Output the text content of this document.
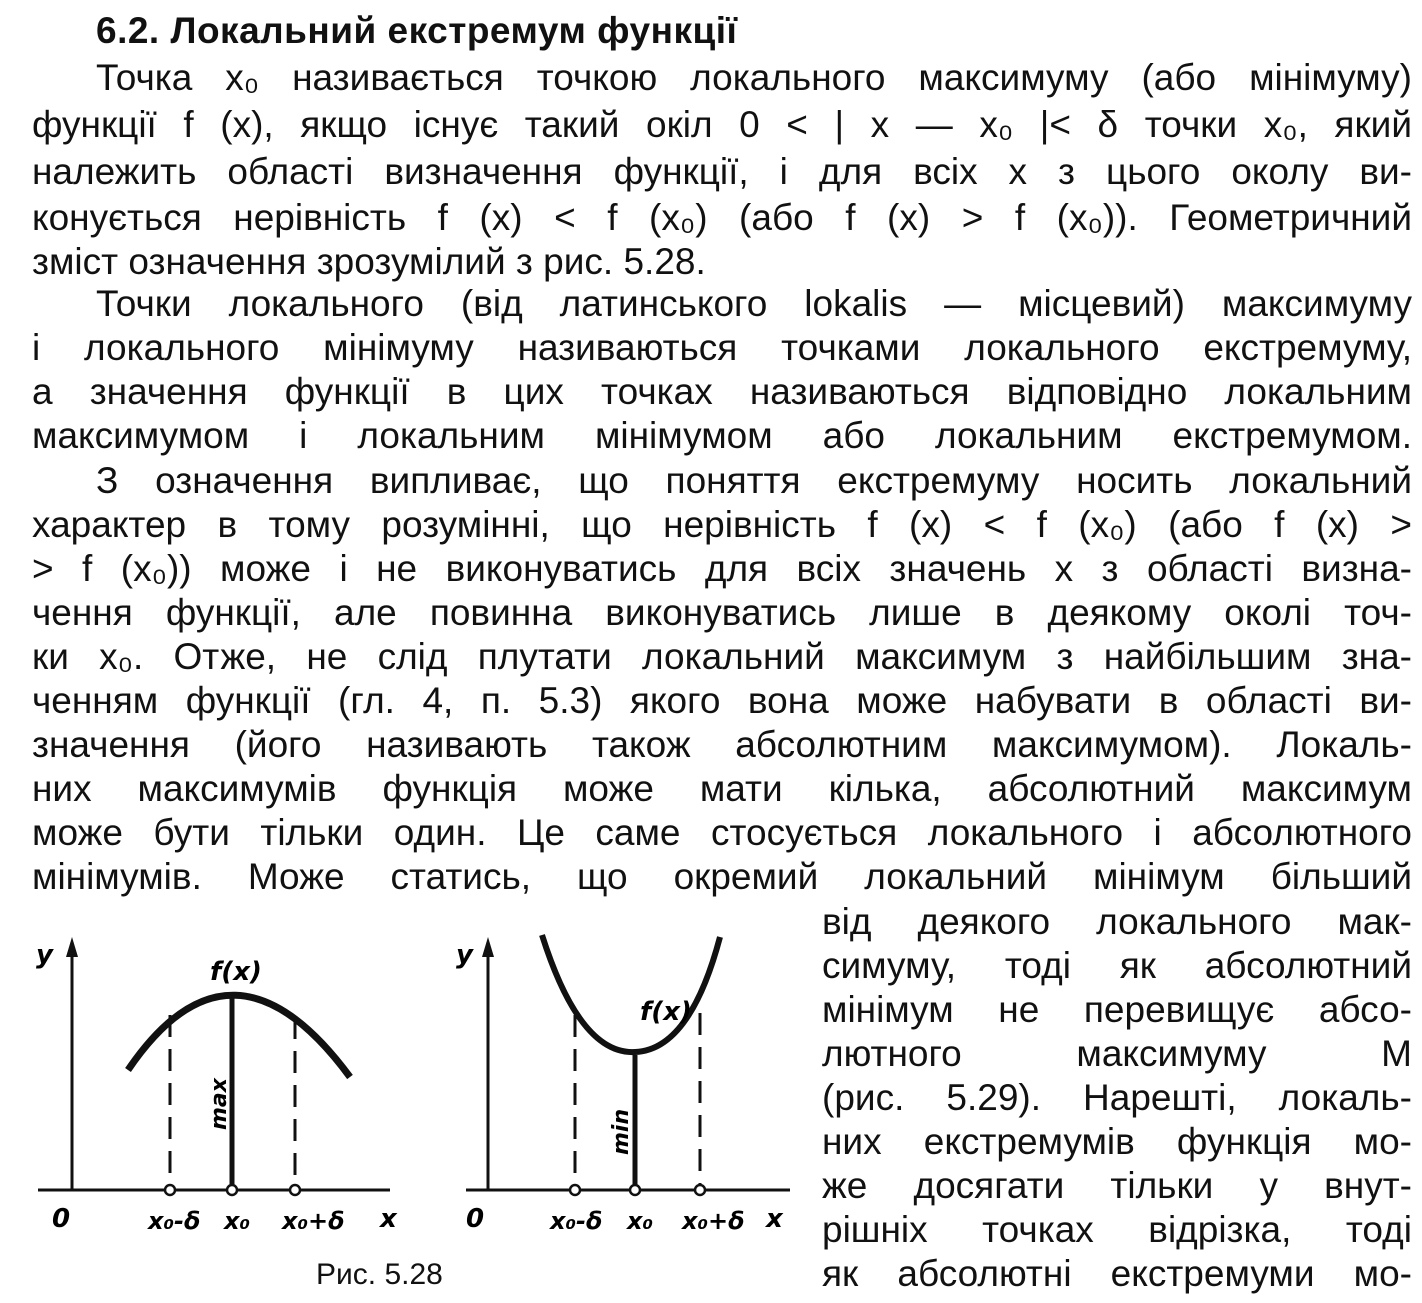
6.2. Локальний екстремум функції
Точка x₀ називається точкою локального максимуму (або мінімуму)
функції f (x), якщо існує такий окіл 0 < | x — x₀ |< δ точки x₀, який
належить області визначення функції, і для всіх x з цього околу ви-
конується нерівність f (x) < f (x₀) (або f (x) > f (x₀)). Геометричний
зміст означення зрозумілий з рис. 5.28.
Точки локального (від латинського lokalis — місцевий) максимуму
і локального мінімуму називаються точками локального екстремуму,
а значення функції в цих точках називаються відповідно локальним
максимумом і локальним мінімумом або локальним екстремумом.
З означення випливає, що поняття екстремуму носить локальний
характер в тому розумінні, що нерівність f (x) < f (x₀) (або f (x) >
> f (x₀)) може і не виконуватись для всіх значень x з області визна-
чення функції, але повинна виконуватись лише в деякому околі точ-
ки x₀. Отже, не слід плутати локальний максимум з найбільшим зна-
ченням функції (гл. 4, п. 5.3) якого вона може набувати в області ви-
значення (його називають також абсолютним максимумом). Локаль-
них максимумів функція може мати кілька, абсолютний максимум
може бути тільки один. Це саме стосується локального і абсолютного
мінімумів. Може статись, що окремий локальний мінімум більший
від деякого локального мак-
симуму, тоді як абсолютний
мінімум не перевищує абсо-
лютного максимуму M
(рис. 5.29). Нарешті, локаль-
них екстремумів функція мо-
же досягати тільки у внут-
рішніх точках відрізка, тоді
як абсолютні екстремуми мо-
y
0	x
f(x)
max
x₀-δ x₀ x₀+δ
y
0	x
f(x)
min
x₀-δ x₀ x₀+δ
Рис. 5.28
